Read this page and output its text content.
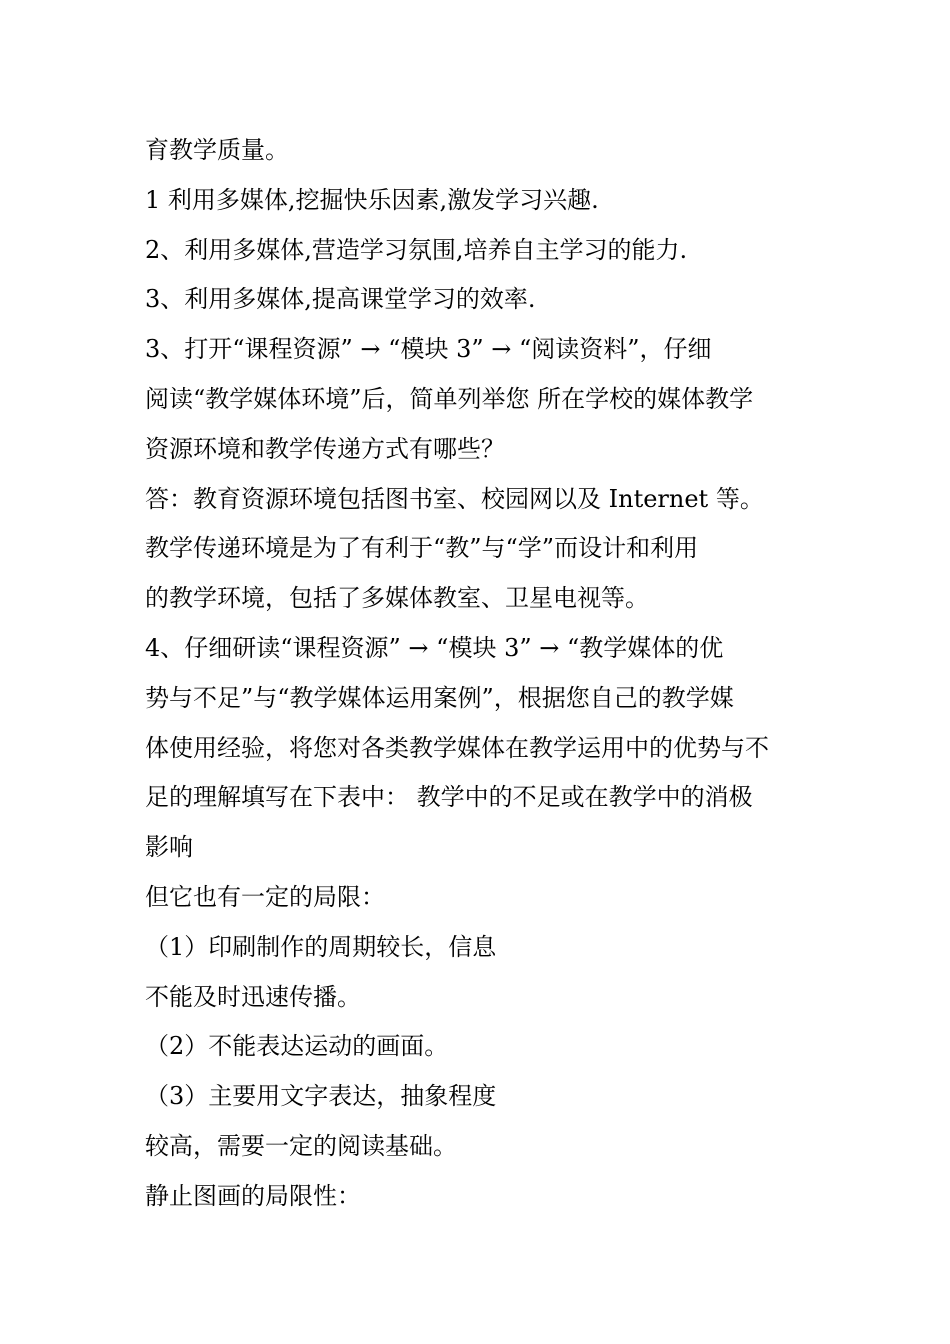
育教学质量。
1 利用多媒体,挖掘快乐因素,激发学习兴趣.
2、利用多媒体,营造学习氛围,培养自主学习的能力.
3、利用多媒体,提高课堂学习的效率.
3、打开“课程资源” → “模块 3” → “阅读资料”，仔细
阅读“教学媒体环境”后，简单列举您 所在学校的媒体教学
资源环境和教学传递方式有哪些？
答：教育资源环境包括图书室、校园网以及 Internet 等。
教学传递环境是为了有利于“教”与“学”而设计和利用
的教学环境，包括了多媒体教室、卫星电视等。
4、仔细研读“课程资源” → “模块 3” → “教学媒体的优
势与不足”与“教学媒体运用案例”，根据您自己的教学媒
体使用经验，将您对各类教学媒体在教学运用中的优势与不
足的理解填写在下表中： 教学中的不足或在教学中的消极
影响
但它也有一定的局限：
（1）印刷制作的周期较长，信息
不能及时迅速传播。
（2）不能表达运动的画面。
（3）主要用文字表达，抽象程度
较高，需要一定的阅读基础。
静止图画的局限性：
